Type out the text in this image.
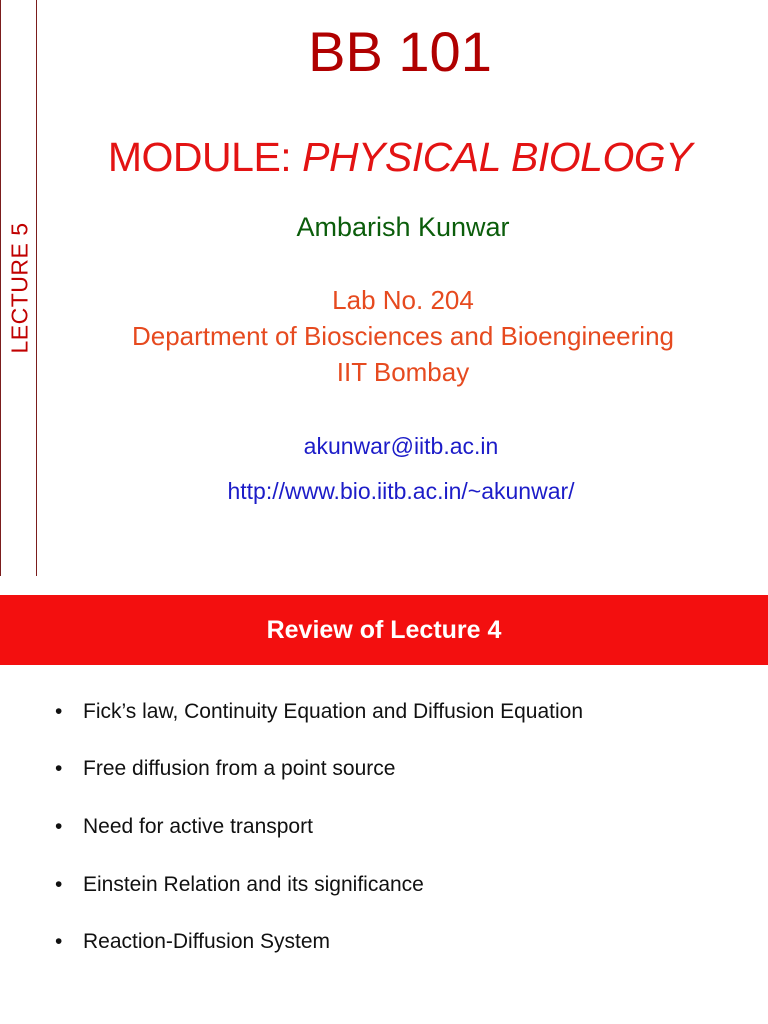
LECTURE 5
BB 101
MODULE: PHYSICAL BIOLOGY
Ambarish Kunwar
Lab No. 204
Department of Biosciences and Bioengineering
IIT Bombay
akunwar@iitb.ac.in
http://www.bio.iitb.ac.in/~akunwar/
Review of Lecture 4
• Fick’s law, Continuity Equation and Diffusion Equation
• Free diffusion from a point source
• Need for active transport
• Einstein Relation and its significance
• Reaction-Diffusion System
